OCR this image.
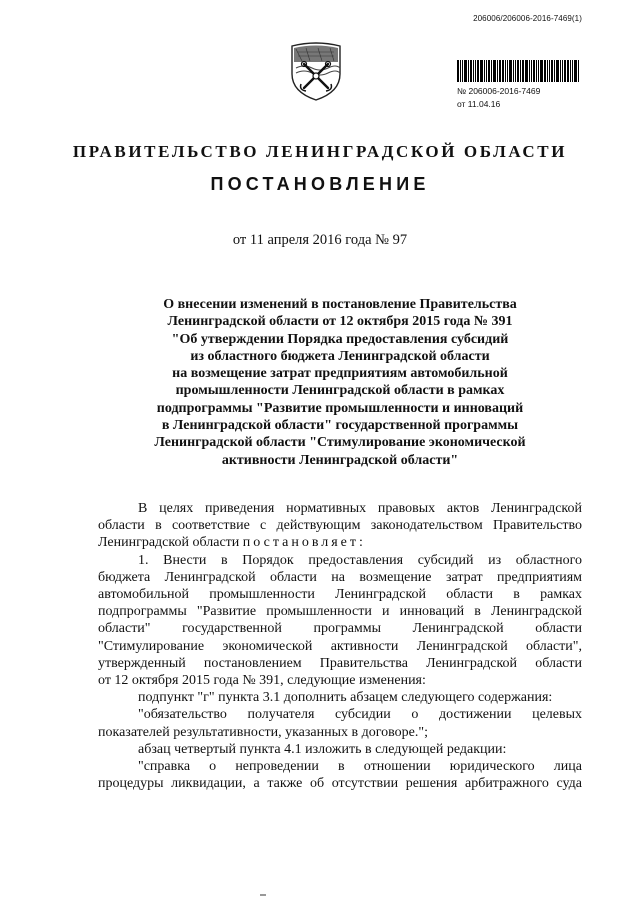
206006/206006-2016-7469(1)
№ 206006-2016-7469
от 11.04.16
ПРАВИТЕЛЬСТВО ЛЕНИНГРАДСКОЙ ОБЛАСТИ
ПОСТАНОВЛЕНИЕ
от 11 апреля 2016 года № 97
О внесении изменений в постановление Правительства
Ленинградской области от 12 октября 2015 года № 391
"Об утверждении Порядка предоставления субсидий
из областного бюджета Ленинградской области
на возмещение затрат предприятиям автомобильной
промышленности Ленинградской области в рамках
подпрограммы "Развитие промышленности и инноваций
в Ленинградской области" государственной программы
Ленинградской области "Стимулирование экономической
активности Ленинградской области"
В целях приведения нормативных правовых актов Ленинградской
области в соответствие с действующим законодательством Правительство
Ленинградской области постановляет:
1. Внести в Порядок предоставления субсидий из областного
бюджета Ленинградской области на возмещение затрат предприятиям
автомобильной промышленности Ленинградской области в рамках
подпрограммы "Развитие промышленности и инноваций в Ленинградской
области" государственной программы Ленинградской области
"Стимулирование экономической активности Ленинградской области",
утвержденный постановлением Правительства Ленинградской области
от 12 октября 2015 года № 391, следующие изменения:
подпункт "г" пункта 3.1 дополнить абзацем следующего содержания:
"обязательство получателя субсидии о достижении целевых
показателей результативности, указанных в договоре.";
абзац четвертый пункта 4.1 изложить в следующей редакции:
"справка о непроведении в отношении юридического лица
процедуры ликвидации, а также об отсутствии решения арбитражного суда
